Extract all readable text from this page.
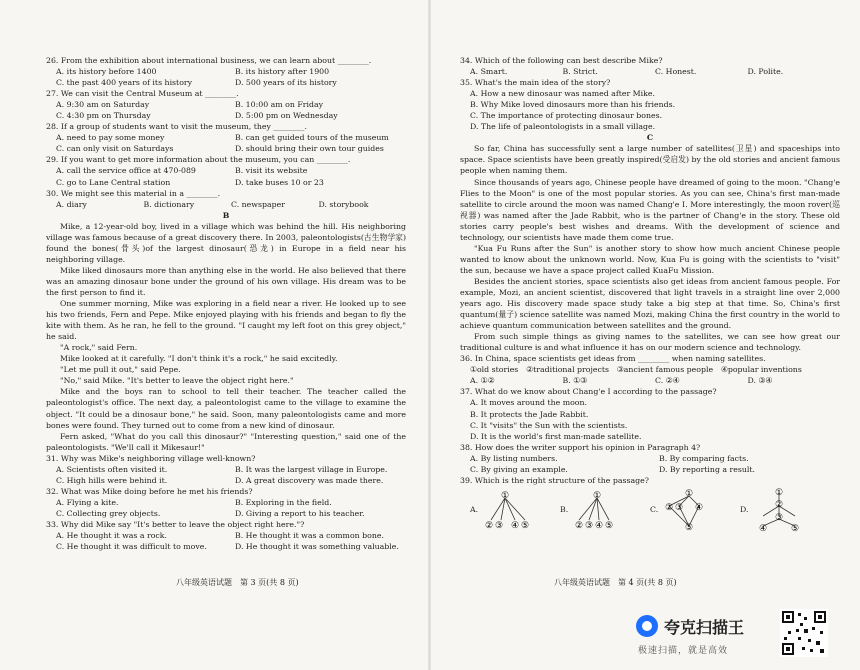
26. From the exhibition about international business, we can learn about ________.

A. its history before 1400	B. its history after 1900
C. the past 400 years of its history	D. 500 years of its history

27. We can visit the Central Museum at ________.

A. 9:30 am on Saturday	B. 10:00 am on Friday
C. 4:30 pm on Thursday	D. 5:00 pm on Wednesday

28. If a group of students want to visit the museum, they ________.

A. need to pay some money	B. can get guided tours of the museum
C. can only visit on Saturdays	D. should bring their own tour guides

29. If you want to get more information about the museum, you can ________.

A. call the service office at 470-089	B. visit its website
C. go to Lane Central station	D. take buses 10 or 23

30. We might see this material in a ________.

A. diary	B. dictionary	C. newspaper	D. storybook

B

Mike, a 12-year-old boy, lived in a village which was behind the hill. His neighboring village was famous because of a great discovery there. In 2003, paleontologists(古生物学家) found the bones(骨头)of the largest dinosaur(恐龙) in Europe in a field near his neighboring village.

Mike liked dinosaurs more than anything else in the world. He also believed that there was an amazing dinosaur bone under the ground of his own village. His dream was to be the first person to find it.

One summer morning, Mike was exploring in a field near a river. He looked up to see his two friends, Fern and Pepe. Mike enjoyed playing with his friends and began to fly the kite with them. As he ran, he fell to the ground. "I caught my left foot on this grey object," he said.

"A rock," said Fern.

Mike looked at it carefully. "I don't think it's a rock," he said excitedly.

"Let me pull it out," said Pepe.

"No," said Mike. "It's better to leave the object right here."

Mike and the boys ran to school to tell their teacher. The teacher called the paleontologist's office. The next day, a paleontologist came to the village to examine the object. "It could be a dinosaur bone," he said. Soon, many paleontologists came and more bones were found. They turned out to come from a new kind of dinosaur.

Fern asked, "What do you call this dinosaur?" "Interesting question," said one of the paleontologists. "We'll call it Mikesaur!"

31. Why was Mike's neighboring village well-known?

A. Scientists often visited it.	B. It was the largest village in Europe.
C. High hills were behind it.	D. A great discovery was made there.

32. What was Mike doing before he met his friends?

A. Flying a kite.	B. Exploring in the field.
C. Collecting grey objects.	D. Giving a report to his teacher.

33. Why did Mike say "It's better to leave the object right here."?

A. He thought it was a rock.	B. He thought it was a common bone.
C. He thought it was difficult to move.	D. He thought it was something valuable.
八年级英语试题　第 3 页(共 8 页)

34. Which of the following can best describe Mike?

A. Smart.	B. Strict.	C. Honest.	D. Polite.

35. What's the main idea of the story?

A. How a new dinosaur was named after Mike.
B. Why Mike loved dinosaurs more than his friends.
C. The importance of protecting dinosaur bones.
D. The life of paleontologists in a small village.

C

So far, China has successfully sent a large number of satellites(卫星) and spaceships into space. Space scientists have been greatly inspired(受启发) by the old stories and ancient famous people when naming them.

Since thousands of years ago, Chinese people have dreamed of going to the moon. "Chang'e Flies to the Moon" is one of the most popular stories. As you can see, China's first man-made satellite to circle around the moon was named Chang'e Ⅰ. More interestingly, the moon rover(巡视器) was named after the Jade Rabbit, who is the partner of Chang'e in the story. These old stories carry people's best wishes and dreams. With the development of science and technology, our scientists have made them come true.

"Kua Fu Runs after the Sun" is another story to show how much ancient Chinese people wanted to know about the unknown world. Now, Kua Fu is going with the scientists to "visit" the sun, because we have a space project called KuaFu Mission.

Besides the ancient stories, space scientists also get ideas from ancient famous people. For example, Mozi, an ancient scientist, discovered that light travels in a straight line over 2,000 years ago. His discovery made space study take a big step at that time. So, China's first quantum(量子) science satellite was named Mozi, making China the first country in the world to achieve quantum communication between satellites and the ground.

From such simple things as giving names to the satellites, we can see how great our traditional culture is and what influence it has on our modern science and technology.

36. In China, space scientists get ideas from ________ when naming satellites.

①old stories　②traditional projects　③ancient famous people　④popular inventions
A. ①②	B. ①③	C. ②④	D. ③④

37. What do we know about Chang'e Ⅰ according to the passage?

A. It moves around the moon.
B. It protects the Jade Rabbit.
C. It "visits" the Sun with the scientists.
D. It is the world's first man-made satellite.

38. How does the writer support his opinion in Paragraph 4?

A. By listing numbers.	B. By comparing facts.
C. By giving an example.	D. By reporting a result.

39. Which is the right structure of the passage?

A.
①
② ③ ④ ⑤
B.
①
② ③ ④ ⑤
C.
①
② ③ ④
⑤
D.
①
②
③
④	⑤
八年级英语试题　第 4 页(共 8 页)
夸克扫描王
极速扫描，就是高效
